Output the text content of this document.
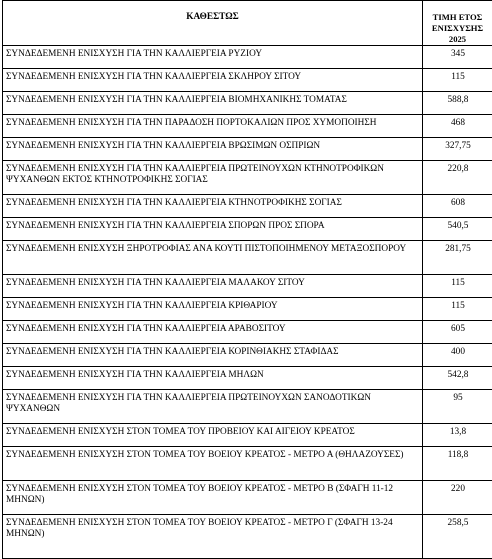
ΚΑΘΕΣΤΩΣ	ΤΙΜΗ ΕΤΟΣ
ΕΝΙΣΧΥΣΗΣ
2025
ΣΥΝΔΕΔΕΜΕΝΗ ΕΝΙΣΧΥΣΗ ΓΙΑ ΤΗΝ ΚΑΛΛΙΕΡΓΕΙΑ ΡΥΖΙΟΥ	345
ΣΥΝΔΕΔΕΜΕΝΗ ΕΝΙΣΧΥΣΗ ΓΙΑ ΤΗΝ ΚΑΛΛΙΕΡΓΕΙΑ ΣΚΛΗΡΟΥ ΣΙΤΟΥ	115
ΣΥΝΔΕΔΕΜΕΝΗ ΕΝΙΣΧΥΣΗ ΓΙΑ ΤΗΝ ΚΑΛΛΙΕΡΓΕΙΑ ΒΙΟΜΗΧΑΝΙΚΗΣ ΤΟΜΑΤΑΣ	588,8
ΣΥΝΔΕΔΕΜΕΝΗ ΕΝΙΣΧΥΣΗ ΓΙΑ ΤΗΝ ΠΑΡΑΔΟΣΗ ΠΟΡΤΟΚΑΛΙΩΝ ΠΡΟΣ ΧΥΜΟΠΟΙΗΣΗ	468
ΣΥΝΔΕΔΕΜΕΝΗ ΕΝΙΣΧΥΣΗ ΓΙΑ ΤΗΝ ΚΑΛΛΙΕΡΓΕΙΑ ΒΡΩΣΙΜΩΝ ΟΣΠΡΙΩΝ	327,75
ΣΥΝΔΕΔΕΜΕΝΗ ΕΝΙΣΧΥΣΗ ΓΙΑ ΤΗΝ ΚΑΛΛΙΕΡΓΕΙΑ ΠΡΩΤΕΙΝΟΥΧΩΝ ΚΤΗΝΟΤΡΟΦΙΚΩΝ ΨΥΧΑΝΘΩΝ ΕΚΤΟΣ ΚΤΗΝΟΤΡΟΦΙΚΗΣ ΣΟΓΙΑΣ	220,8
ΣΥΝΔΕΔΕΜΕΝΗ ΕΝΙΣΧΥΣΗ ΓΙΑ ΤΗΝ ΚΑΛΛΙΕΡΓΕΙΑ ΚΤΗΝΟΤΡΟΦΙΚΗΣ ΣΟΓΙΑΣ	608
ΣΥΝΔΕΔΕΜΕΝΗ ΕΝΙΣΧΥΣΗ ΓΙΑ ΤΗΝ ΚΑΛΛΙΕΡΓΕΙΑ ΣΠΟΡΩΝ ΠΡΟΣ ΣΠΟΡΑ	540,5
ΣΥΝΔΕΔΕΜΕΝΗ ΕΝΙΣΧΥΣΗ ΞΗΡΟΤΡΟΦΙΑΣ ΑΝΑ ΚΟΥΤΙ ΠΙΣΤΟΠΟΙΗΜΕΝΟΥ ΜΕΤΑΞΟΣΠΟΡΟΥ	281,75
ΣΥΝΔΕΔΕΜΕΝΗ ΕΝΙΣΧΥΣΗ ΓΙΑ ΤΗΝ ΚΑΛΛΙΕΡΓΕΙΑ ΜΑΛΑΚΟΥ ΣΙΤΟΥ	115
ΣΥΝΔΕΔΕΜΕΝΗ ΕΝΙΣΧΥΣΗ ΓΙΑ ΤΗΝ ΚΑΛΛΙΕΡΓΕΙΑ ΚΡΙΘΑΡΙΟΥ	115
ΣΥΝΔΕΔΕΜΕΝΗ ΕΝΙΣΧΥΣΗ ΓΙΑ ΤΗΝ ΚΑΛΛΙΕΡΓΕΙΑ ΑΡΑΒΟΣΙΤΟΥ	605
ΣΥΝΔΕΔΕΜΕΝΗ ΕΝΙΣΧΥΣΗ ΓΙΑ ΤΗΝ ΚΑΛΛΙΕΡΓΕΙΑ ΚΟΡΙΝΘΙΑΚΗΣ ΣΤΑΦΙΔΑΣ	400
ΣΥΝΔΕΔΕΜΕΝΗ ΕΝΙΣΧΥΣΗ ΓΙΑ ΤΗΝ ΚΑΛΛΙΕΡΓΕΙΑ ΜΗΛΩΝ	542,8
ΣΥΝΔΕΔΕΜΕΝΗ ΕΝΙΣΧΥΣΗ ΓΙΑ ΤΗΝ ΚΑΛΛΙΕΡΓΕΙΑ ΠΡΩΤΕΙΝΟΥΧΩΝ ΣΑΝΟΔΟΤΙΚΩΝ ΨΥΧΑΝΘΩΝ	95
ΣΥΝΔΕΔΕΜΕΝΗ ΕΝΙΣΧΥΣΗ ΣΤΟΝ ΤΟΜΕΑ ΤΟΥ ΠΡΟΒΕΙΟΥ ΚΑΙ ΑΙΓΕΙΟΥ ΚΡΕΑΤΟΣ	13,8
ΣΥΝΔΕΔΕΜΕΝΗ ΕΝΙΣΧΥΣΗ ΣΤΟΝ ΤΟΜΕΑ ΤΟΥ ΒΟΕΙΟΥ ΚΡΕΑΤΟΣ - ΜΕΤΡΟ Α (ΘΗΛΑΖΟΥΣΕΣ)	118,8
ΣΥΝΔΕΔΕΜΕΝΗ ΕΝΙΣΧΥΣΗ ΣΤΟΝ ΤΟΜΕΑ ΤΟΥ ΒΟΕΙΟΥ ΚΡΕΑΤΟΣ - ΜΕΤΡΟ Β (ΣΦΑΓΗ 11-12 ΜΗΝΩΝ)	220
ΣΥΝΔΕΔΕΜΕΝΗ ΕΝΙΣΧΥΣΗ ΣΤΟΝ ΤΟΜΕΑ ΤΟΥ ΒΟΕΙΟΥ ΚΡΕΑΤΟΣ - ΜΕΤΡΟ Γ (ΣΦΑΓΗ 13-24 ΜΗΝΩΝ)	258,5
